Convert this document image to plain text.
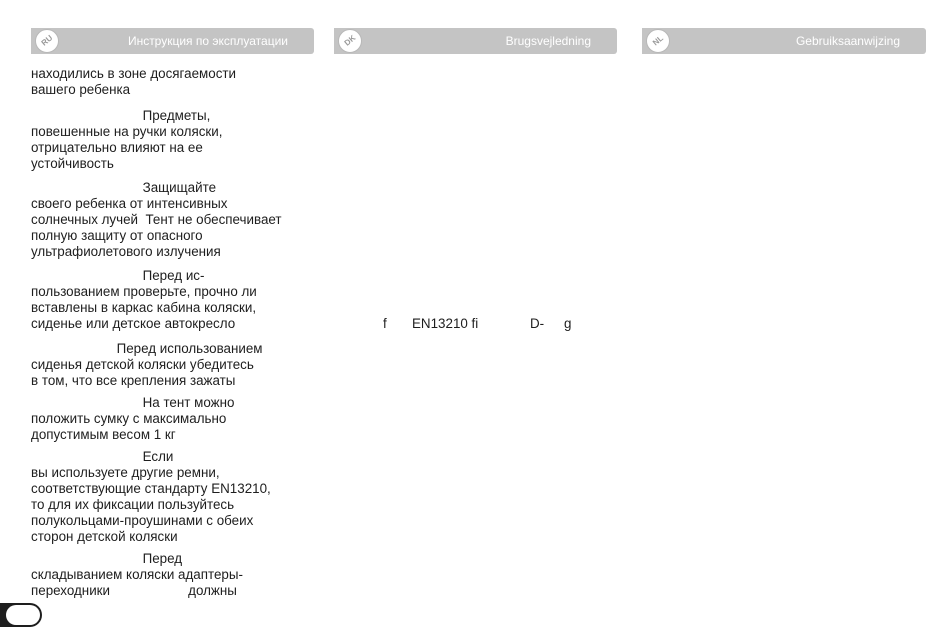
RU	Инструкция по эксплуатации	DK	Brugsvejledning	NL	Gebruiksaanwijzing
находились в зоне досягаемости
вашего ребенка
Предметы,
повешенные на ручки коляски,
отрицательно влияют на ее
устойчивость
Защищайте
своего ребенка от интенсивных
солнечных лучей  Тент не обеспечивает
полную защиту от опасного
ультрафиолетового излучения
Перед ис-
пользованием проверьте, прочно ли
вставлены в каркас кабина коляски,
сиденье или детское автокресло
Перед использованием
сиденья детской коляски убедитесь
в том, что все крепления зажаты
На тент можно
положить сумку с максимально
допустимым весом 1 кг
Если
вы используете другие ремни,
соответствующие стандарту EN13210,
то для их фиксации пользуйтесь
полукольцами-проушинами с обеих
сторон детской коляски
Перед
складыванием коляски адаптеры-
переходники                     должны
f EN13210 fi	D- g
